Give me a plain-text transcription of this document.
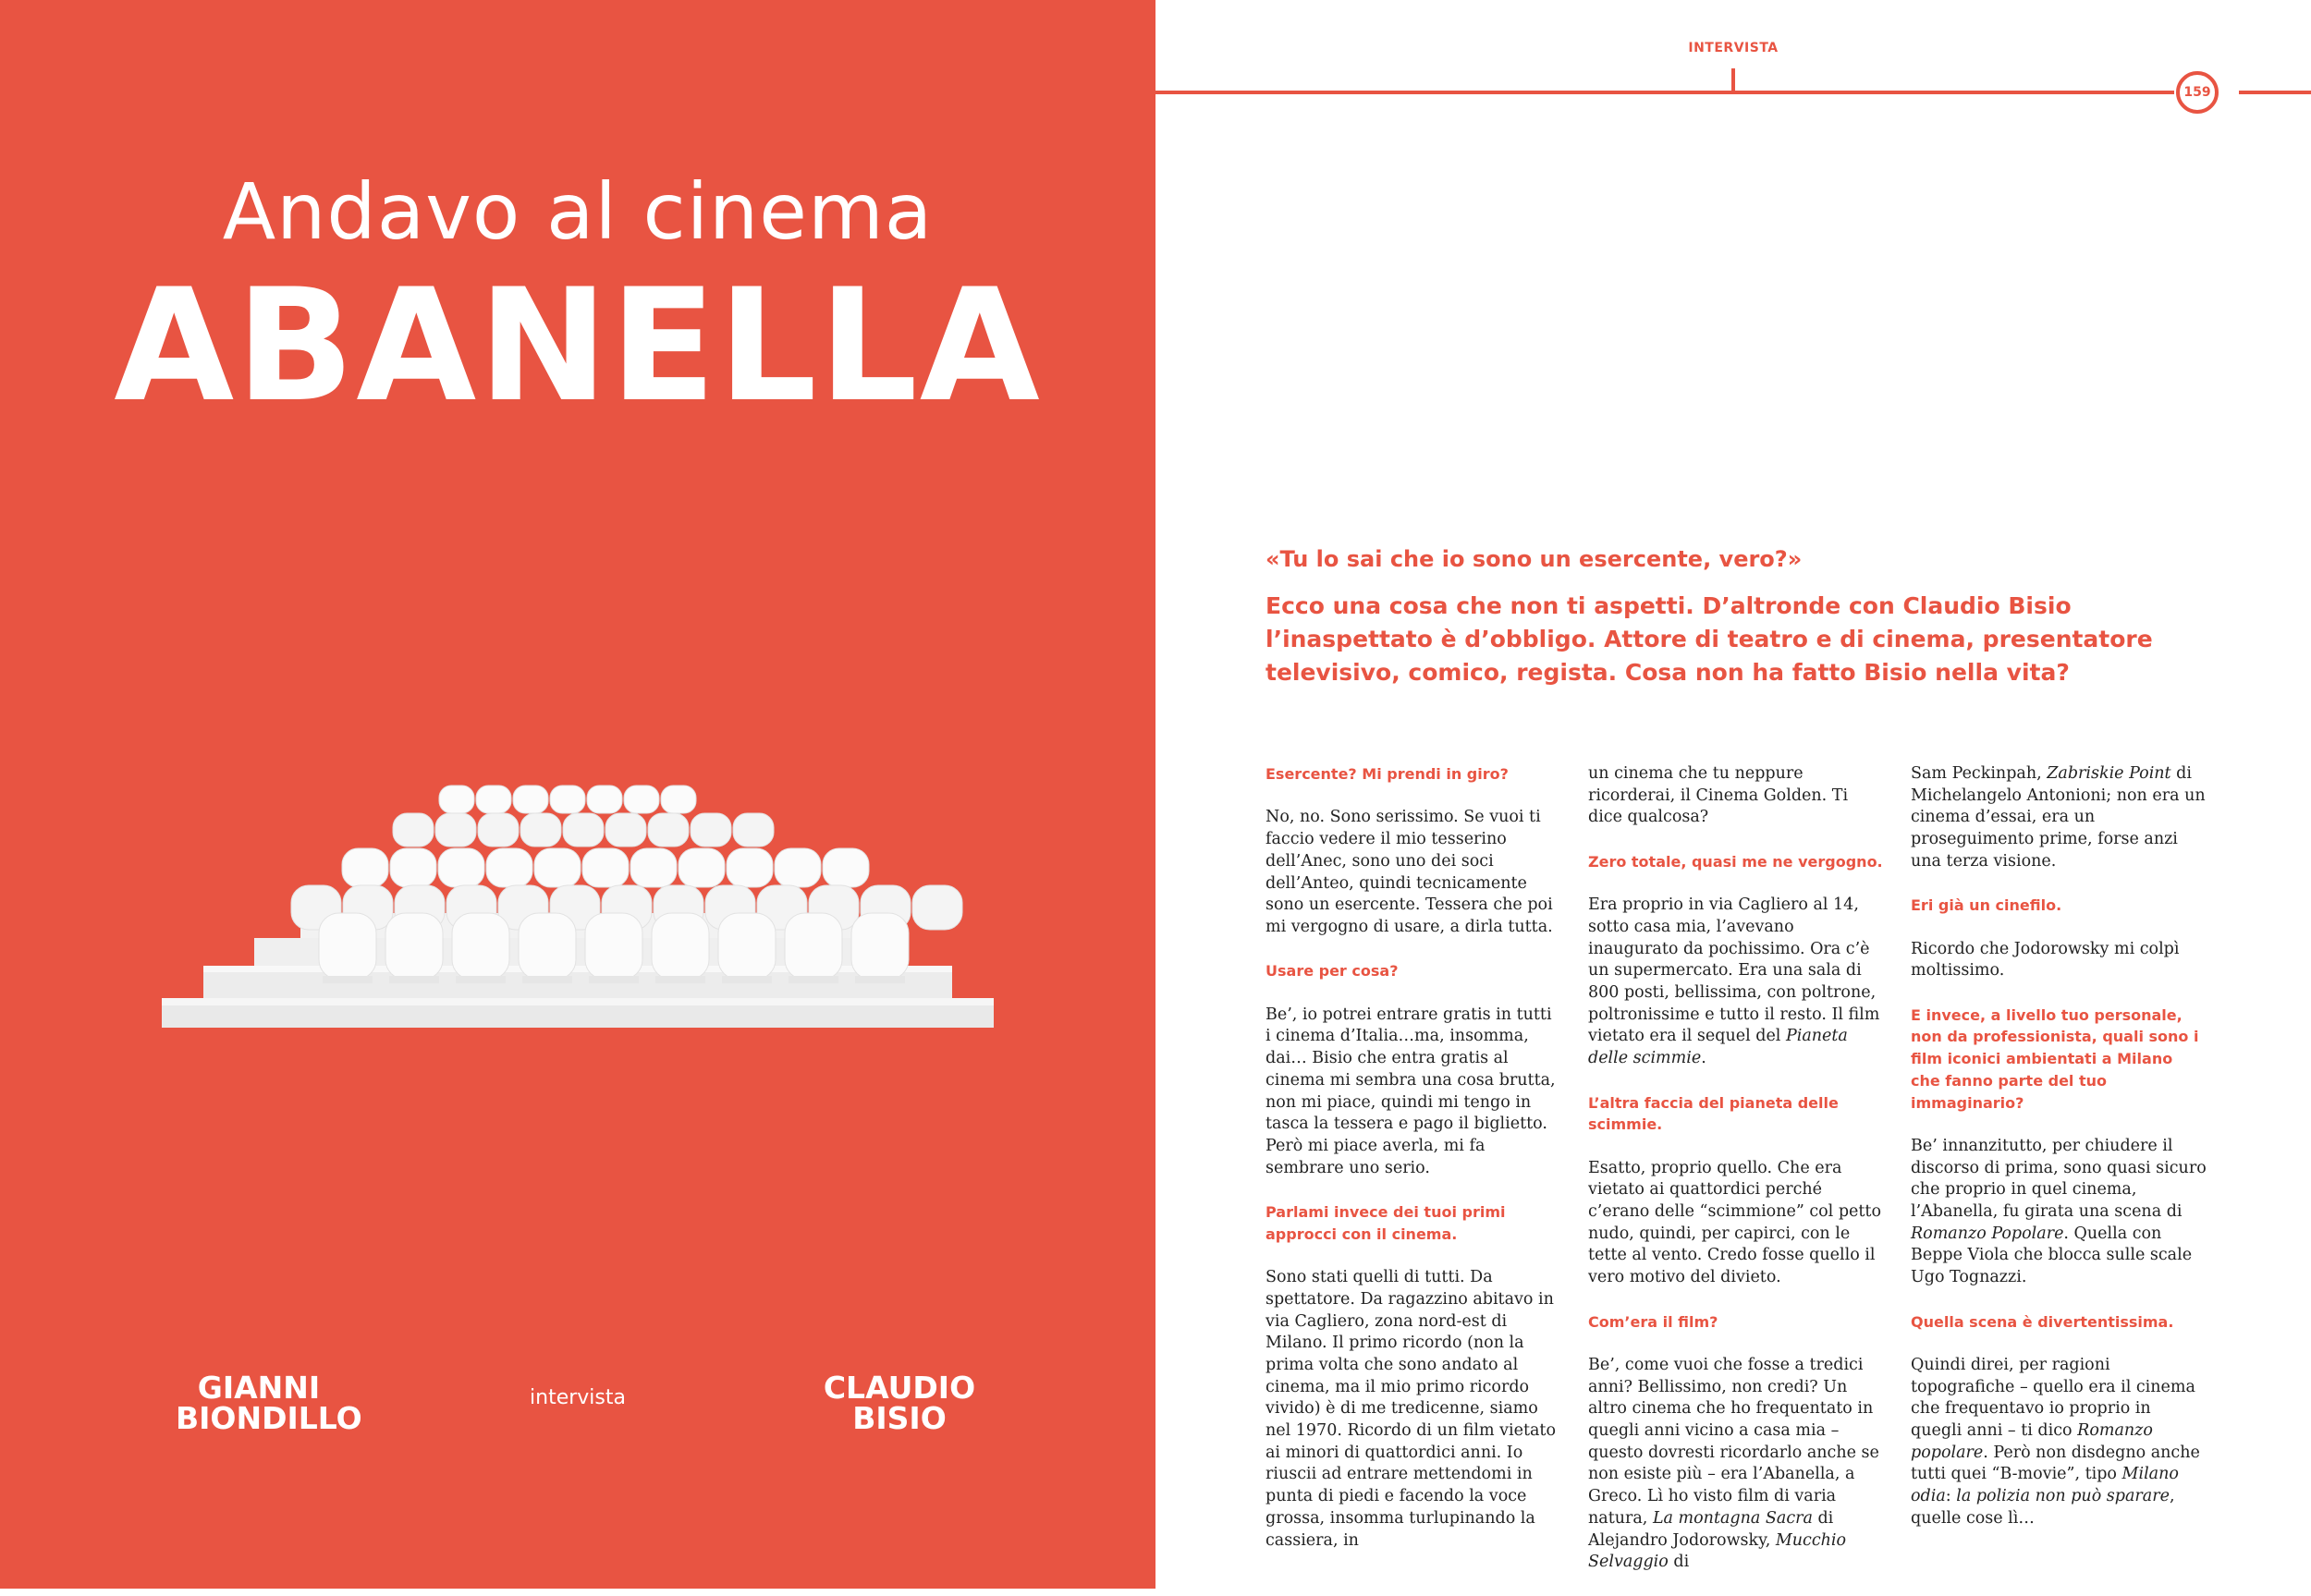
Andavo al cinema
ABANELLA
GIANNI
BIONDILLO
intervista	CLAUDIO
BISIO
INTERVISTA
159

«Tu lo sai che io sono un esercente, vero?»

Ecco una cosa che non ti aspetti. D’altronde con Claudio Bisio l’inaspettato è d’obbligo. Attore di teatro e di cinema, presentatore televisivo, comico, regista. Cosa non ha fatto Bisio nella vita?

Esercente? Mi prendi in giro?

No, no. Sono serissimo. Se vuoi ti faccio vedere il mio tesserino dell’Anec, sono uno dei soci dell’Anteo, quindi tecnicamente sono un esercente. Tessera che poi mi vergogno di usare, a dirla tutta.

Usare per cosa?

Be’, io potrei entrare gratis in tutti i cinema d’Italia…ma, insomma, dai… Bisio che entra gratis al cinema mi sembra una cosa brutta, non mi piace, quindi mi tengo in tasca la tessera e pago il biglietto. Però mi piace averla, mi fa sembrare uno serio.

Parlami invece dei tuoi primi approcci con il cinema.

Sono stati quelli di tutti. Da spettatore. Da ragazzino abitavo in via Cagliero, zona nord-est di Milano. Il primo ricordo (non la prima volta che sono andato al cinema, ma il mio primo ricordo vivido) è di me tredicenne, siamo nel 1970. Ricordo di un film vietato ai minori di quattordici anni. Io riuscii ad entrare mettendomi in punta di piedi e facendo la voce grossa, insomma turlupinando la cassiera, in

un cinema che tu neppure ricorderai, il Cinema Golden. Ti dice qualcosa?

Zero totale, quasi me ne vergogno.

Era proprio in via Cagliero al 14, sotto casa mia, l’avevano inaugurato da pochissimo. Ora c’è un supermercato. Era una sala di 800 posti, bellissima, con poltrone, poltronissime e tutto il resto. Il film vietato era il sequel del Pianeta delle scimmie.

L’altra faccia del pianeta delle scimmie.

Esatto, proprio quello. Che era vietato ai quattordici perché c’erano delle “scimmione” col petto nudo, quindi, per capirci, con le tette al vento. Credo fosse quello il vero motivo del divieto.

Com’era il film?

Be’, come vuoi che fosse a tredici anni? Bellissimo, non credi? Un altro cinema che ho frequentato in quegli anni vicino a casa mia – questo dovresti ricordarlo anche se non esiste più – era l’Abanella, a Greco. Lì ho visto film di varia natura, La montagna Sacra di Alejandro Jodorowsky, Mucchio Selvaggio di

Sam Peckinpah, Zabriskie Point di Michelangelo Antonioni; non era un cinema d’essai, era un proseguimento prime, forse anzi una terza visione.

Eri già un cinefilo.

Ricordo che Jodorowsky mi colpì moltissimo.

E invece, a livello tuo personale, non da professionista, quali sono i film iconici ambientati a Milano che fanno parte del tuo immaginario?

Be’ innanzitutto, per chiudere il discorso di prima, sono quasi sicuro che proprio in quel cinema, l’Abanella, fu girata una scena di Romanzo Popolare. Quella con Beppe Viola che blocca sulle scale Ugo Tognazzi.

Quella scena è divertentissima.

Quindi direi, per ragioni topografiche – quello era il cinema che frequentavo io proprio in quegli anni – ti dico Romanzo popolare. Però non disdegno anche tutti quei “B-movie”, tipo Milano odia: la polizia non può sparare, quelle cose lì…
